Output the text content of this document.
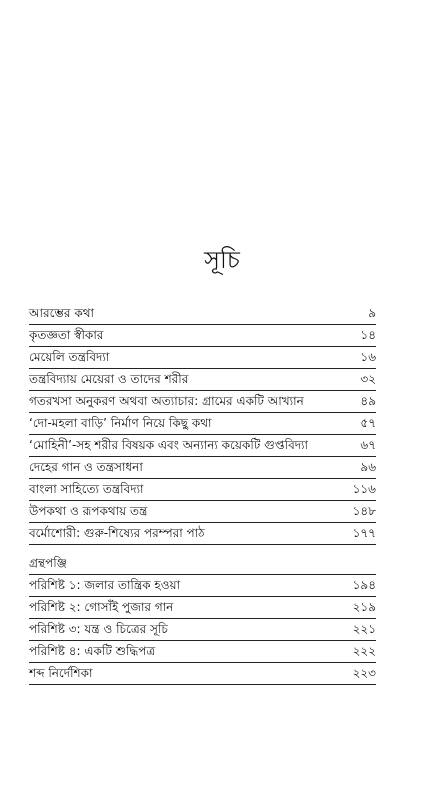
সূচি
আরম্ভের কথা	৯
কৃতজ্ঞতা স্বীকার	১৪
মেয়েলি তন্ত্রবিদ্যা	১৬
তন্ত্রবিদ্যায় মেয়েরা ও তাদের শরীর	৩২
গতরখসা অনুকরণ অথবা অত্যাচার: গ্রামের একটি আখ্যান	৪৯
‘দো-মহলা বাড়ি’ নির্মাণ নিয়ে কিছু কথা	৫৭
‘মোহিনী’-সহ শরীর বিষয়ক এবং অন্যান্য কয়েকটি গুপ্তবিদ্যা	৬৭
দেহের গান ও তন্ত্রসাধনা	৯৬
বাংলা সাহিত্যে তন্ত্রবিদ্যা	১১৬
উপকথা ও রূপকথায় তন্ত্র	১৪৮
বর্মোশোরী: গুরু-শিষ্যের পরম্পরা পাঠ	১৭৭
গ্রন্থপঞ্জি
পরিশিষ্ট ১: জলার তান্ত্রিক হওয়া	১৯৪
পরিশিষ্ট ২: গোসাঁই পুজার গান	২১৯
পরিশিষ্ট ৩: যন্ত্র ও চিত্রের সূচি	২২১
পরিশিষ্ট ৪: একটি শুদ্ধিপত্র	২২২
শব্দ নির্দেশিকা	২২৩
